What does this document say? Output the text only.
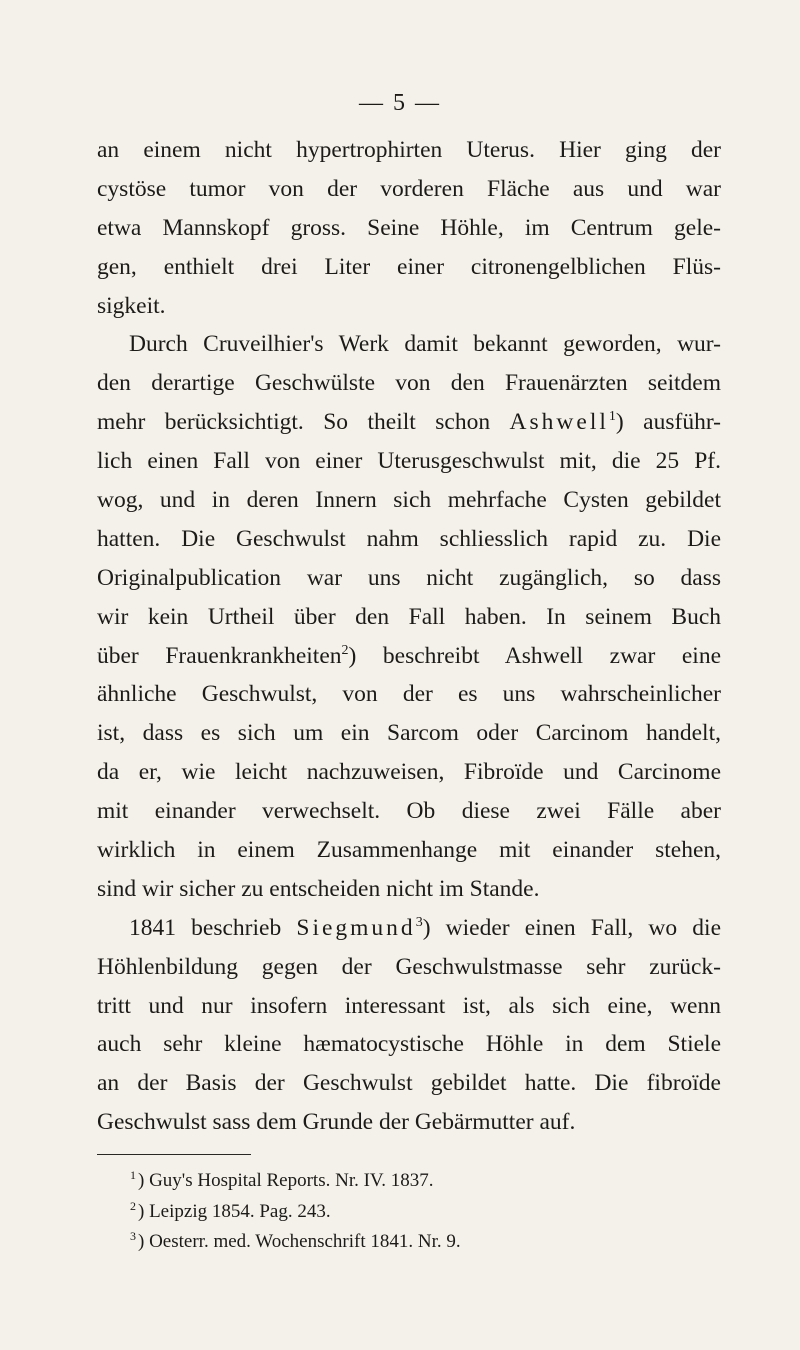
— 5 —
an einem nicht hypertrophirten Uterus. Hier ging der
cystöse tumor von der vorderen Fläche aus und war
etwa Mannskopf gross. Seine Höhle, im Centrum gele-
gen, enthielt drei Liter einer citronengelblichen Flüs-
sigkeit.
Durch Cruveilhier's Werk damit bekannt geworden, wur-
den derartige Geschwülste von den Frauenärzten seitdem
mehr berücksichtigt. So theilt schon Ashwell$^1$) ausführ-
lich einen Fall von einer Uterusgeschwulst mit, die 25 Pf.
wog, und in deren Innern sich mehrfache Cysten gebildet
hatten. Die Geschwulst nahm schliesslich rapid zu. Die
Originalpublication war uns nicht zugänglich, so dass
wir kein Urtheil über den Fall haben. In seinem Buch
über Frauenkrankheiten$^2$) beschreibt Ashwell zwar eine
ähnliche Geschwulst, von der es uns wahrscheinlicher
ist, dass es sich um ein Sarcom oder Carcinom handelt,
da er, wie leicht nachzuweisen, Fibroïde und Carcinome
mit einander verwechselt. Ob diese zwei Fälle aber
wirklich in einem Zusammenhange mit einander stehen,
sind wir sicher zu entscheiden nicht im Stande.
1841 beschrieb Siegmund$^3$) wieder einen Fall, wo die
Höhlenbildung gegen der Geschwulstmasse sehr zurück-
tritt und nur insofern interessant ist, als sich eine, wenn
auch sehr kleine hæmatocystische Höhle in dem Stiele
an der Basis der Geschwulst gebildet hatte. Die fibroïde
Geschwulst sass dem Grunde der Gebärmutter auf.
$^1$ ) Guy's Hospital Reports. Nr. IV. 1837.
$^2$ ) Leipzig 1854. Pag. 243.
$^3$ ) Oesterr. med. Wochenschrift 1841. Nr. 9.
